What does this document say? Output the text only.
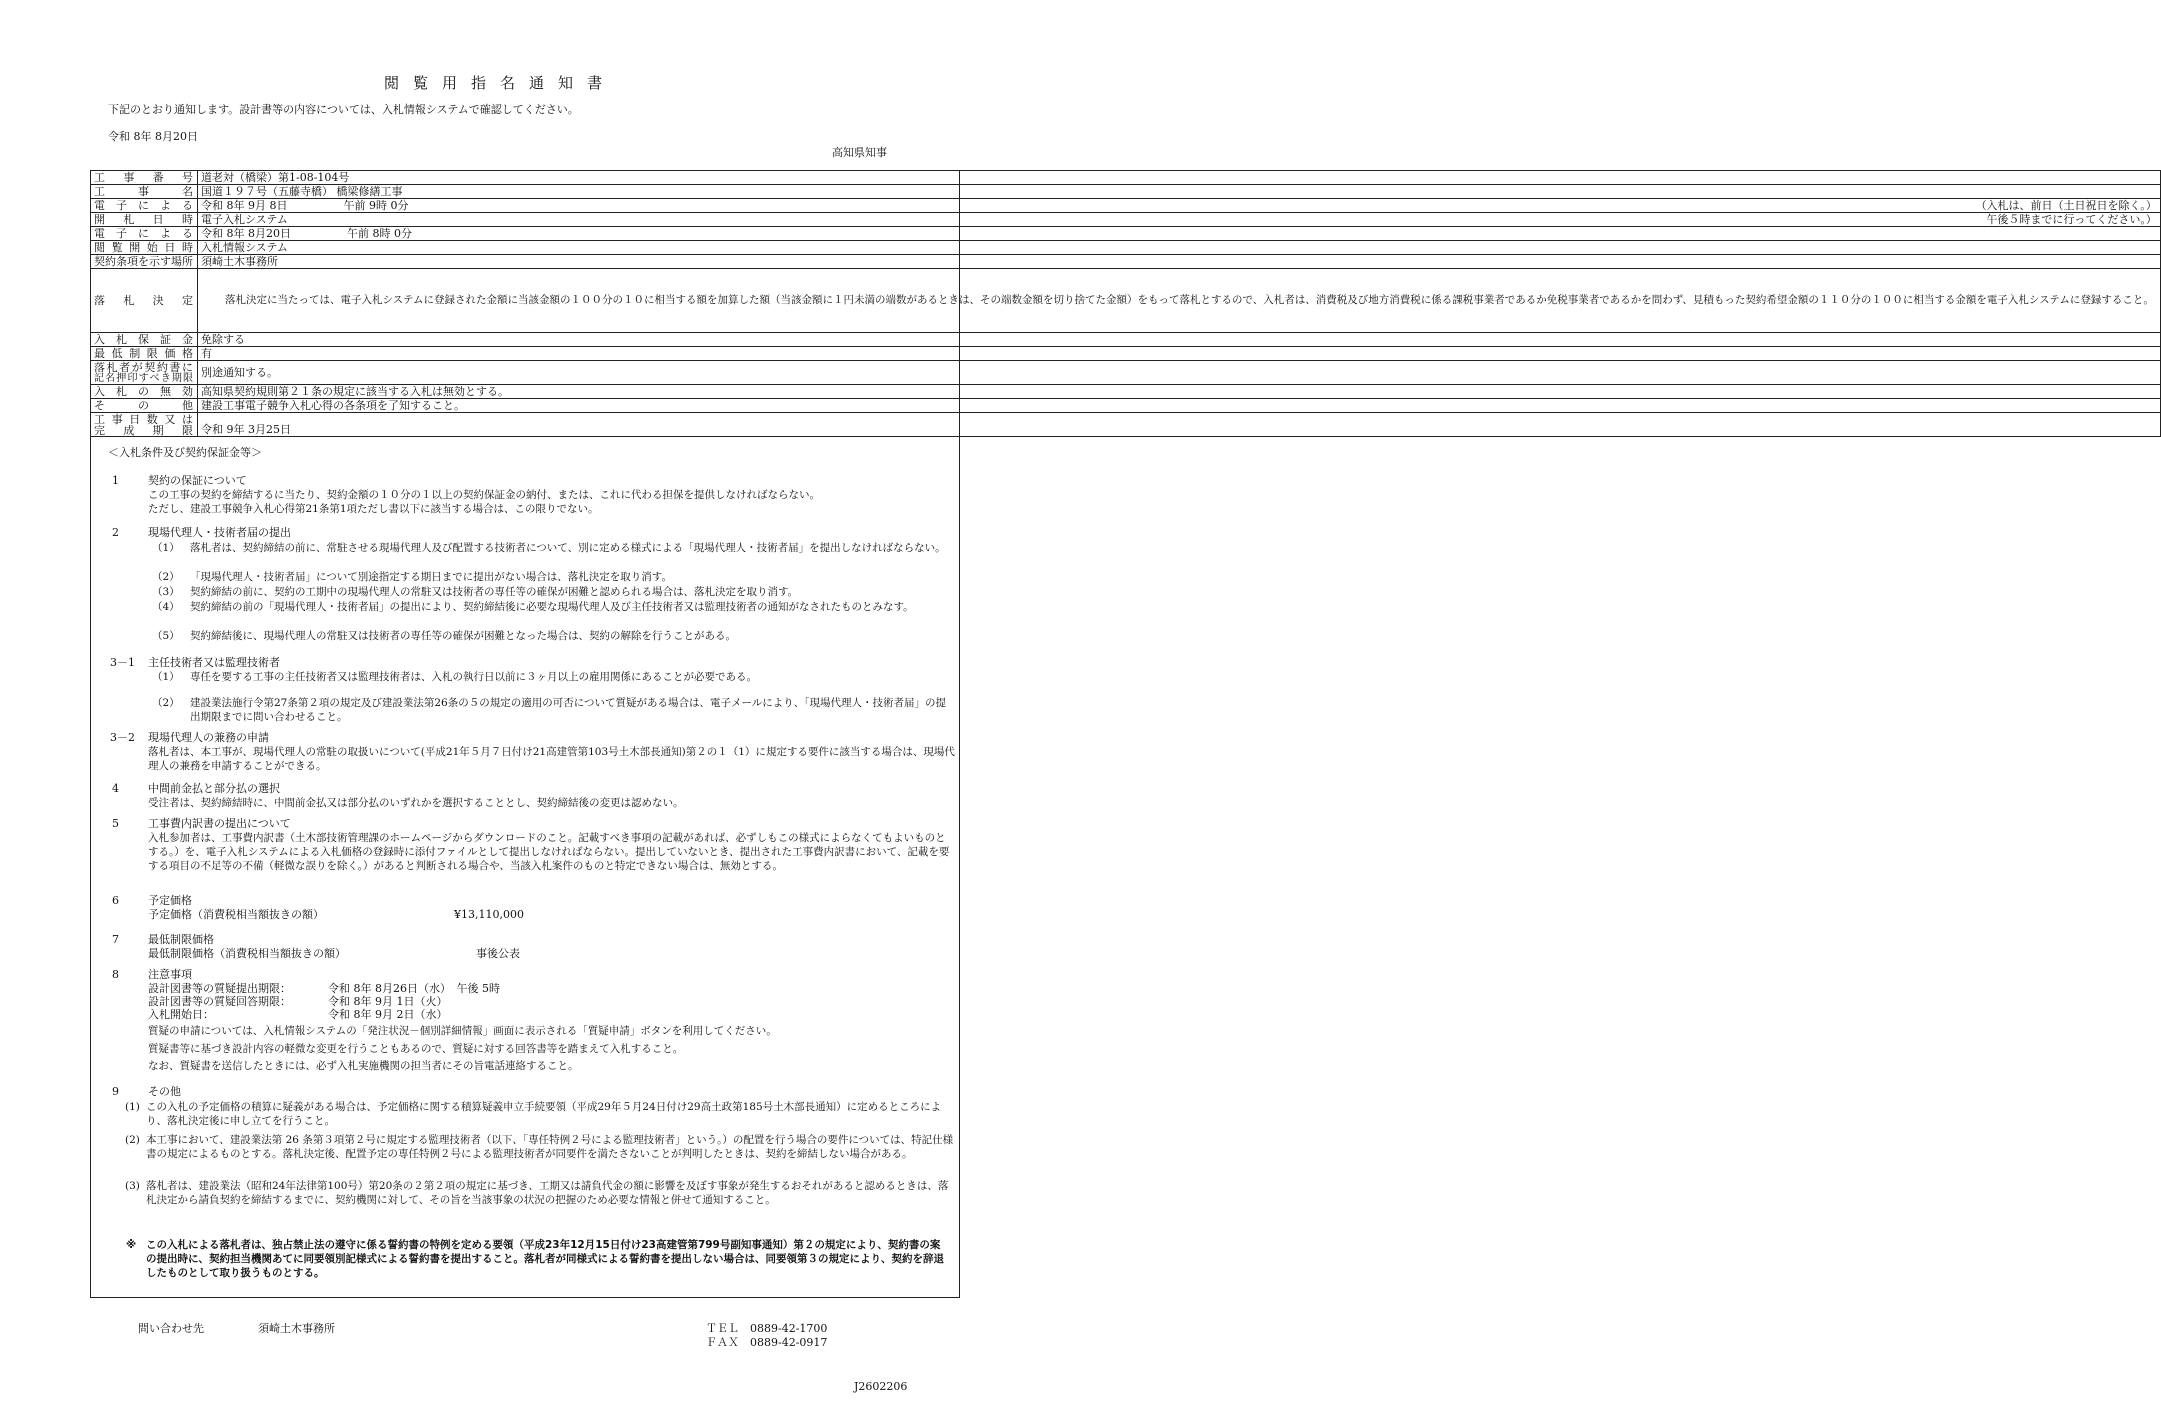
閲覧用指名通知書
下記のとおり通知します。設計書等の内容については、入札情報システムで確認してください。
令和 8年 8月20日
高知県知事
工事番号	道老対（橋梁）第1-08-104号
工事名	国道１９７号（五藤寺橋） 橋梁修繕工事
電子による	令和 8年 9月 8日 午前 9時 0分 （入札は、前日（土日祝日を除く。）

開札日時	電子入札システム 午後５時までに行ってください。）

電子による	令和 8年 8月20日 午前 8時 0分
閲覧開始日時	入札情報システム
契約条項を示す場所	須崎土木事務所
落札決定	落札決定に当たっては、電子入札システムに登録された金額に当該金額の１００分の１０に相当する額を加算した額（当該金額に１円未満の端数があるときは、その端数金額を切り捨てた金額）をもって落札とするので、入札者は、消費税及び地方消費税に係る課税事業者であるか免税事業者であるかを問わず、見積もった契約希望金額の１１０分の１００に相当する金額を電子入札システムに登録すること。
入札保証金	免除する
最低制限価格	有

落札者が契約書に
記名押印すべき期限	別途通知する。
入札の無効	高知県契約規則第２１条の規定に該当する入札は無効とする。
その他	建設工事電子競争入札心得の各条項を了知すること。

工事日数又は
完成期限	令和 9年 3月25日
＜入札条件及び契約保証金等＞
1	契約の保証について
この工事の契約を締結するに当たり、契約金額の１０分の１以上の契約保証金の納付、または、これに代わる担保を提供しなければならない。
ただし、建設工事競争入札心得第21条第1項ただし書以下に該当する場合は、この限りでない。
2	現場代理人・技術者届の提出
（1） 落札者は、契約締結の前に、常駐させる現場代理人及び配置する技術者について、別に定める様式による「現場代理人・技術者届」を提出しなければならない。
（2） 「現場代理人・技術者届」について別途指定する期日までに提出がない場合は、落札決定を取り消す。
（3） 契約締結の前に、契約の工期中の現場代理人の常駐又は技術者の専任等の確保が困難と認められる場合は、落札決定を取り消す。
（4） 契約締結の前の「現場代理人・技術者届」の提出により、契約締結後に必要な現場代理人及び主任技術者又は監理技術者の通知がなされたものとみなす。
（5） 契約締結後に、現場代理人の常駐又は技術者の専任等の確保が困難となった場合は、契約の解除を行うことがある。
3－1 主任技術者又は監理技術者
（1） 専任を要する工事の主任技術者又は監理技術者は、入札の執行日以前に３ヶ月以上の雇用関係にあることが必要である。
（2） 建設業法施行令第27条第２項の規定及び建設業法第26条の５の規定の適用の可否について質疑がある場合は、電子メールにより、「現場代理人・技術者届」の提出期限までに問い合わせること。
3－2 現場代理人の兼務の申請
落札者は、本工事が、現場代理人の常駐の取扱いについて(平成21年５月７日付け21高建管第103号土木部長通知)第２の１（1）に規定する要件に該当する場合は、現場代理人の兼務を申請することができる。
4	中間前金払と部分払の選択
受注者は、契約締結時に、中間前金払又は部分払のいずれかを選択することとし、契約締結後の変更は認めない。
5	工事費内訳書の提出について
入札参加者は、工事費内訳書（土木部技術管理課のホームページからダウンロードのこと。記載すべき事項の記載があれば、必ずしもこの様式によらなくてもよいものとする。）を、電子入札システムによる入札価格の登録時に添付ファイルとして提出しなければならない。提出していないとき、提出された工事費内訳書において、記載を要する項目の不足等の不備（軽微な誤りを除く。）があると判断される場合や、当該入札案件のものと特定できない場合は、無効とする。
6	予定価格
予定価格（消費税相当額抜きの額）	¥13,110,000
7	最低制限価格
最低制限価格（消費税相当額抜きの額）	事後公表
8	注意事項
設計図書等の質疑提出期限：	令和 8年 8月26日（水）　午後 5時
設計図書等の質疑回答期限：	令和 8年 9月 1日（火）
入札開始日：	令和 8年 9月 2日（水）
質疑の申請については、入札情報システムの「発注状況－個別詳細情報」画面に表示される「質疑申請」ボタンを利用してください。
質疑書等に基づき設計内容の軽微な変更を行うこともあるので、質疑に対する回答書等を踏まえて入札すること。
なお、質疑書を送信したときには、必ず入札実施機関の担当者にその旨電話連絡すること。
9	その他
(1) この入札の予定価格の積算に疑義がある場合は、予定価格に関する積算疑義申立手続要領（平成29年５月24日付け29高土政第185号土木部長通知）に定めるところにより、落札決定後に申し立てを行うこと。
(2) 本工事において、建設業法第 26 条第３項第２号に規定する監理技術者（以下、「専任特例２号による監理技術者」という。）の配置を行う場合の要件については、特記仕様書の規定によるものとする。落札決定後、配置予定の専任特例２号による監理技術者が同要件を満たさないことが判明したときは、契約を締結しない場合がある。
(3) 落札者は、建設業法（昭和24年法律第100号）第20条の２第２項の規定に基づき、工期又は請負代金の額に影響を及ぼす事象が発生するおそれがあると認めるときは、落札決定から請負契約を締結するまでに、契約機関に対して、その旨を当該事象の状況の把握のため必要な情報と併せて通知すること。
※ この入札による落札者は、独占禁止法の遵守に係る誓約書の特例を定める要領（平成23年12月15日付け23高建管第799号副知事通知）第２の規定により、契約書の案の提出時に、契約担当機関あてに同要領別記様式による誓約書を提出すること。落札者が同様式による誓約書を提出しない場合は、同要領第３の規定により、契約を辞退したものとして取り扱うものとする。
問い合わせ先	須崎土木事務所	ＴＥＬ 0889-42-1700
ＦＡＸ 0889-42-0917
J2602206
